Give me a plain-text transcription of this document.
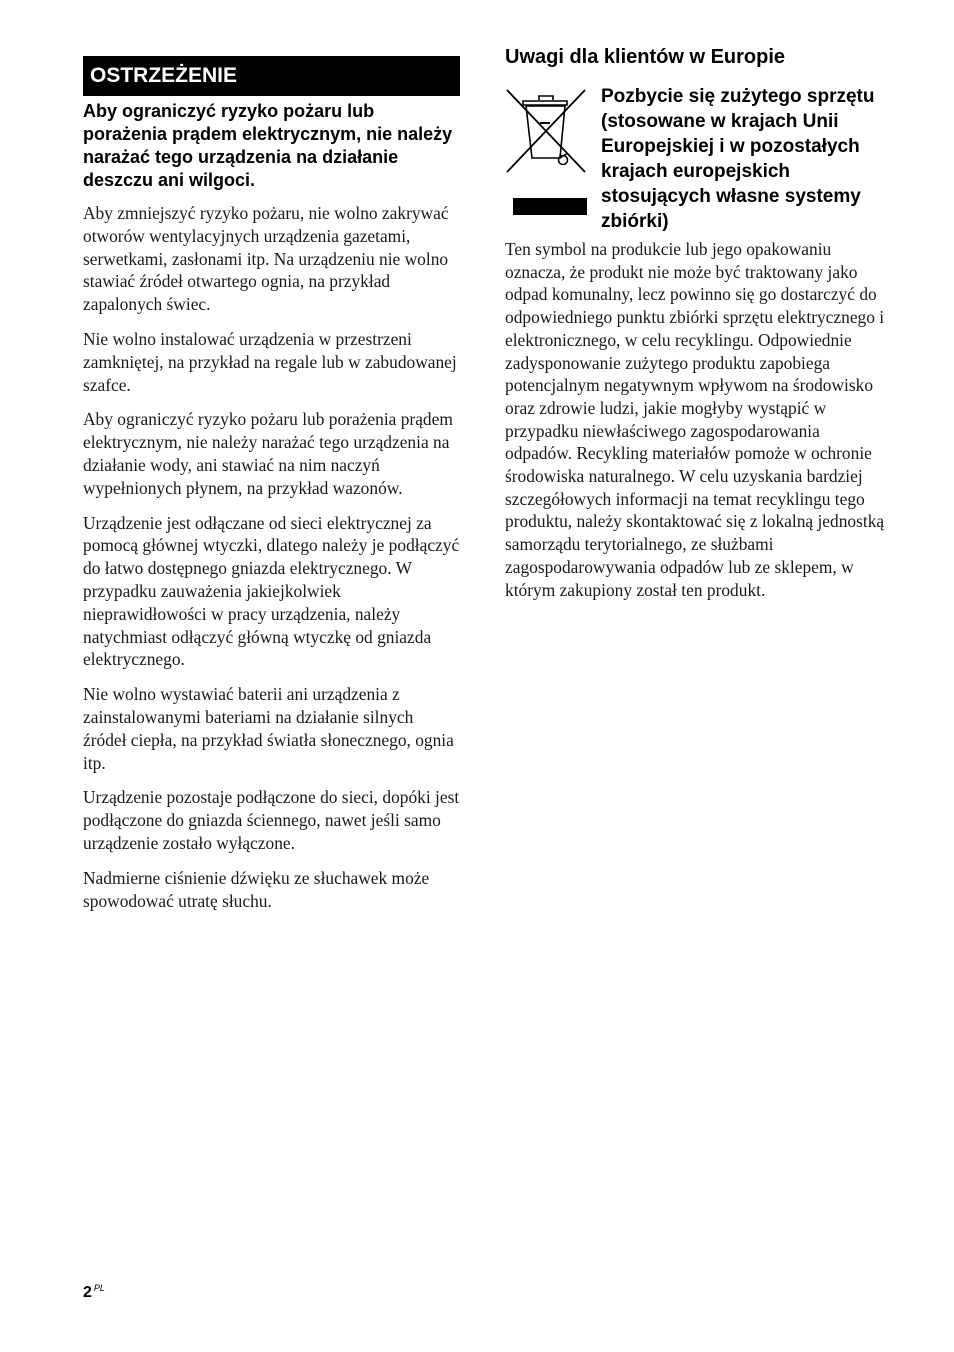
OSTRZEŻENIE

Aby ograniczyć ryzyko pożaru lub porażenia prądem elektrycznym, nie należy narażać tego urządzenia na działanie deszczu ani wilgoci.

Aby zmniejszyć ryzyko pożaru, nie wolno zakrywać otworów wentylacyjnych urządzenia gazetami, serwetkami, zasłonami itp. Na urządzeniu nie wolno stawiać źródeł otwartego ognia, na przykład zapalonych świec.

Nie wolno instalować urządzenia w przestrzeni zamkniętej, na przykład na regale lub w zabudowanej szafce.

Aby ograniczyć ryzyko pożaru lub porażenia prądem elektrycznym, nie należy narażać tego urządzenia na działanie wody, ani stawiać na nim naczyń wypełnionych płynem, na przykład wazonów.

Urządzenie jest odłączane od sieci elektrycznej za pomocą głównej wtyczki, dlatego należy je podłączyć do łatwo dostępnego gniazda elektrycznego. W przypadku zauważenia jakiejkolwiek nieprawidłowości w pracy urządzenia, należy natychmiast odłączyć główną wtyczkę od gniazda elektrycznego.

Nie wolno wystawiać baterii ani urządzenia z zainstalowanymi bateriami na działanie silnych źródeł ciepła, na przykład światła słonecznego, ognia itp.

Urządzenie pozostaje podłączone do sieci, dopóki jest podłączone do gniazda ściennego, nawet jeśli samo urządzenie zostało wyłączone.

Nadmierne ciśnienie dźwięku ze słuchawek może spowodować utratę słuchu.

Uwagi dla klientów w Europie

Pozbycie się zużytego sprzętu (stosowane w krajach Unii Europejskiej i w pozostałych krajach europejskich stosujących własne systemy zbiórki)

Ten symbol na produkcie lub jego opakowaniu oznacza, że produkt nie może być traktowany jako odpad komunalny, lecz powinno się go dostarczyć do odpowiedniego punktu zbiórki sprzętu elektrycznego i elektronicznego, w celu recyklingu. Odpowiednie zadysponowanie zużytego produktu zapobiega potencjalnym negatywnym wpływom na środowisko oraz zdrowie ludzi, jakie mogłyby wystąpić w przypadku niewłaściwego zagospodarowania odpadów. Recykling materiałów pomoże w ochronie środowiska naturalnego. W celu uzyskania bardziej szczegółowych informacji na temat recyklingu tego produktu, należy skontaktować się z lokalną jednostką samorządu terytorialnego, ze służbami zagospodarowywania odpadów lub ze sklepem, w którym zakupiony został ten produkt.

2 $^{PL}$
